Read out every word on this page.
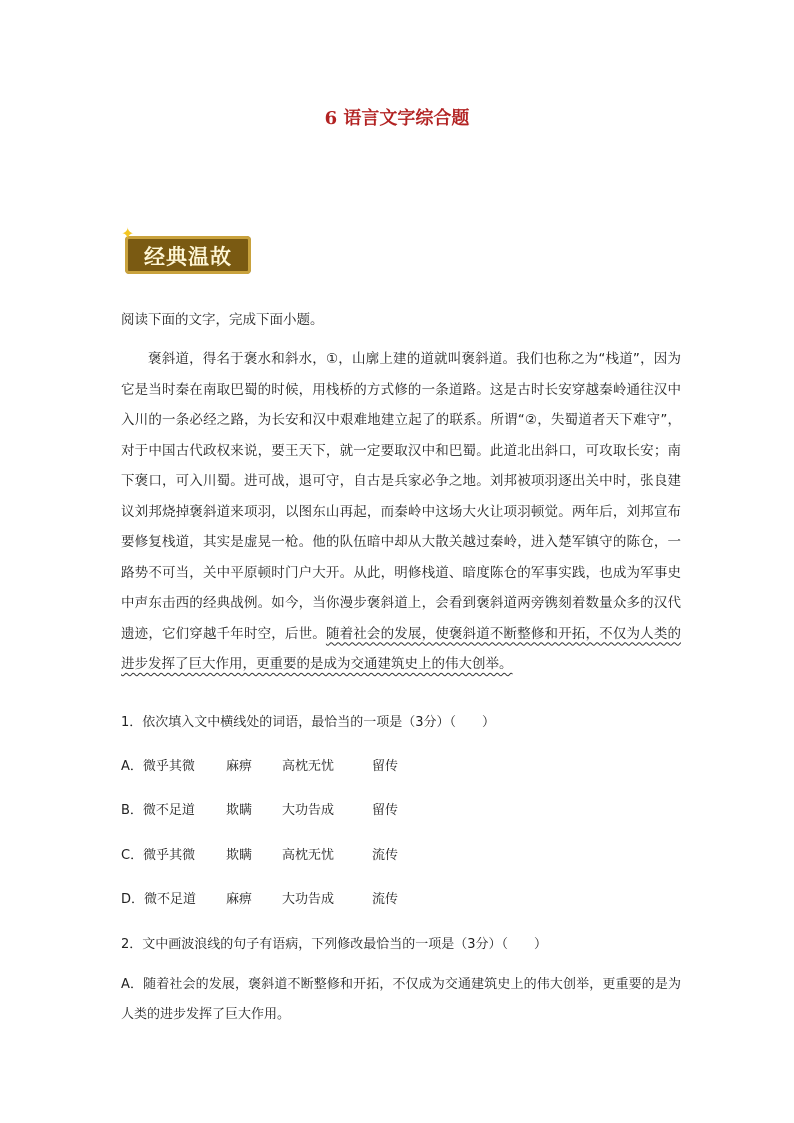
6 语言文字综合题
✦
经典温故
阅读下面的文字，完成下面小题。
褒斜道，得名于褒水和斜水，①，山廓上建的道就叫褒斜道。我们也称之为“栈道”，因为它是当时秦在南取巴蜀的时候，用栈桥的方式修的一条道路。这是古时长安穿越秦岭通往汉中入川的一条必经之路，为长安和汉中艰难地建立起了的联系。所谓“②，失蜀道者天下难守”，对于中国古代政权来说，要王天下，就一定要取汉中和巴蜀。此道北出斜口，可攻取长安；南下褒口，可入川蜀。进可战，退可守，自古是兵家必争之地。刘邦被项羽逐出关中时，张良建议刘邦烧掉褒斜道来项羽，以图东山再起，而秦岭中这场大火让项羽顿觉。两年后，刘邦宣布要修复栈道，其实是虚晃一枪。他的队伍暗中却从大散关越过秦岭，进入楚军镇守的陈仓，一路势不可当，关中平原顿时门户大开。从此，明修栈道、暗度陈仓的军事实践，也成为军事史中声东击西的经典战例。如今，当你漫步褒斜道上，会看到褒斜道两旁镌刻着数量众多的汉代遗迹，它们穿越千年时空，后世。随着社会的发展，使褒斜道不断整修和开拓，不仅为人类的进步发挥了巨大作用，更重要的是成为交通建筑史上的伟大创举。
1．依次填入文中横线处的词语，最恰当的一项是（3分）（　　）
A．微乎其微 麻痹 高枕无忧	留传
B．微不足道 欺瞒 大功告成	留传
C．微乎其微 欺瞒 高枕无忧	流传
D．微不足道 麻痹 大功告成	流传
2．文中画波浪线的句子有语病，下列修改最恰当的一项是（3分）（　　）
A．随着社会的发展，褒斜道不断整修和开拓，不仅成为交通建筑史上的伟大创举，更重要的是为人类的进步发挥了巨大作用。
